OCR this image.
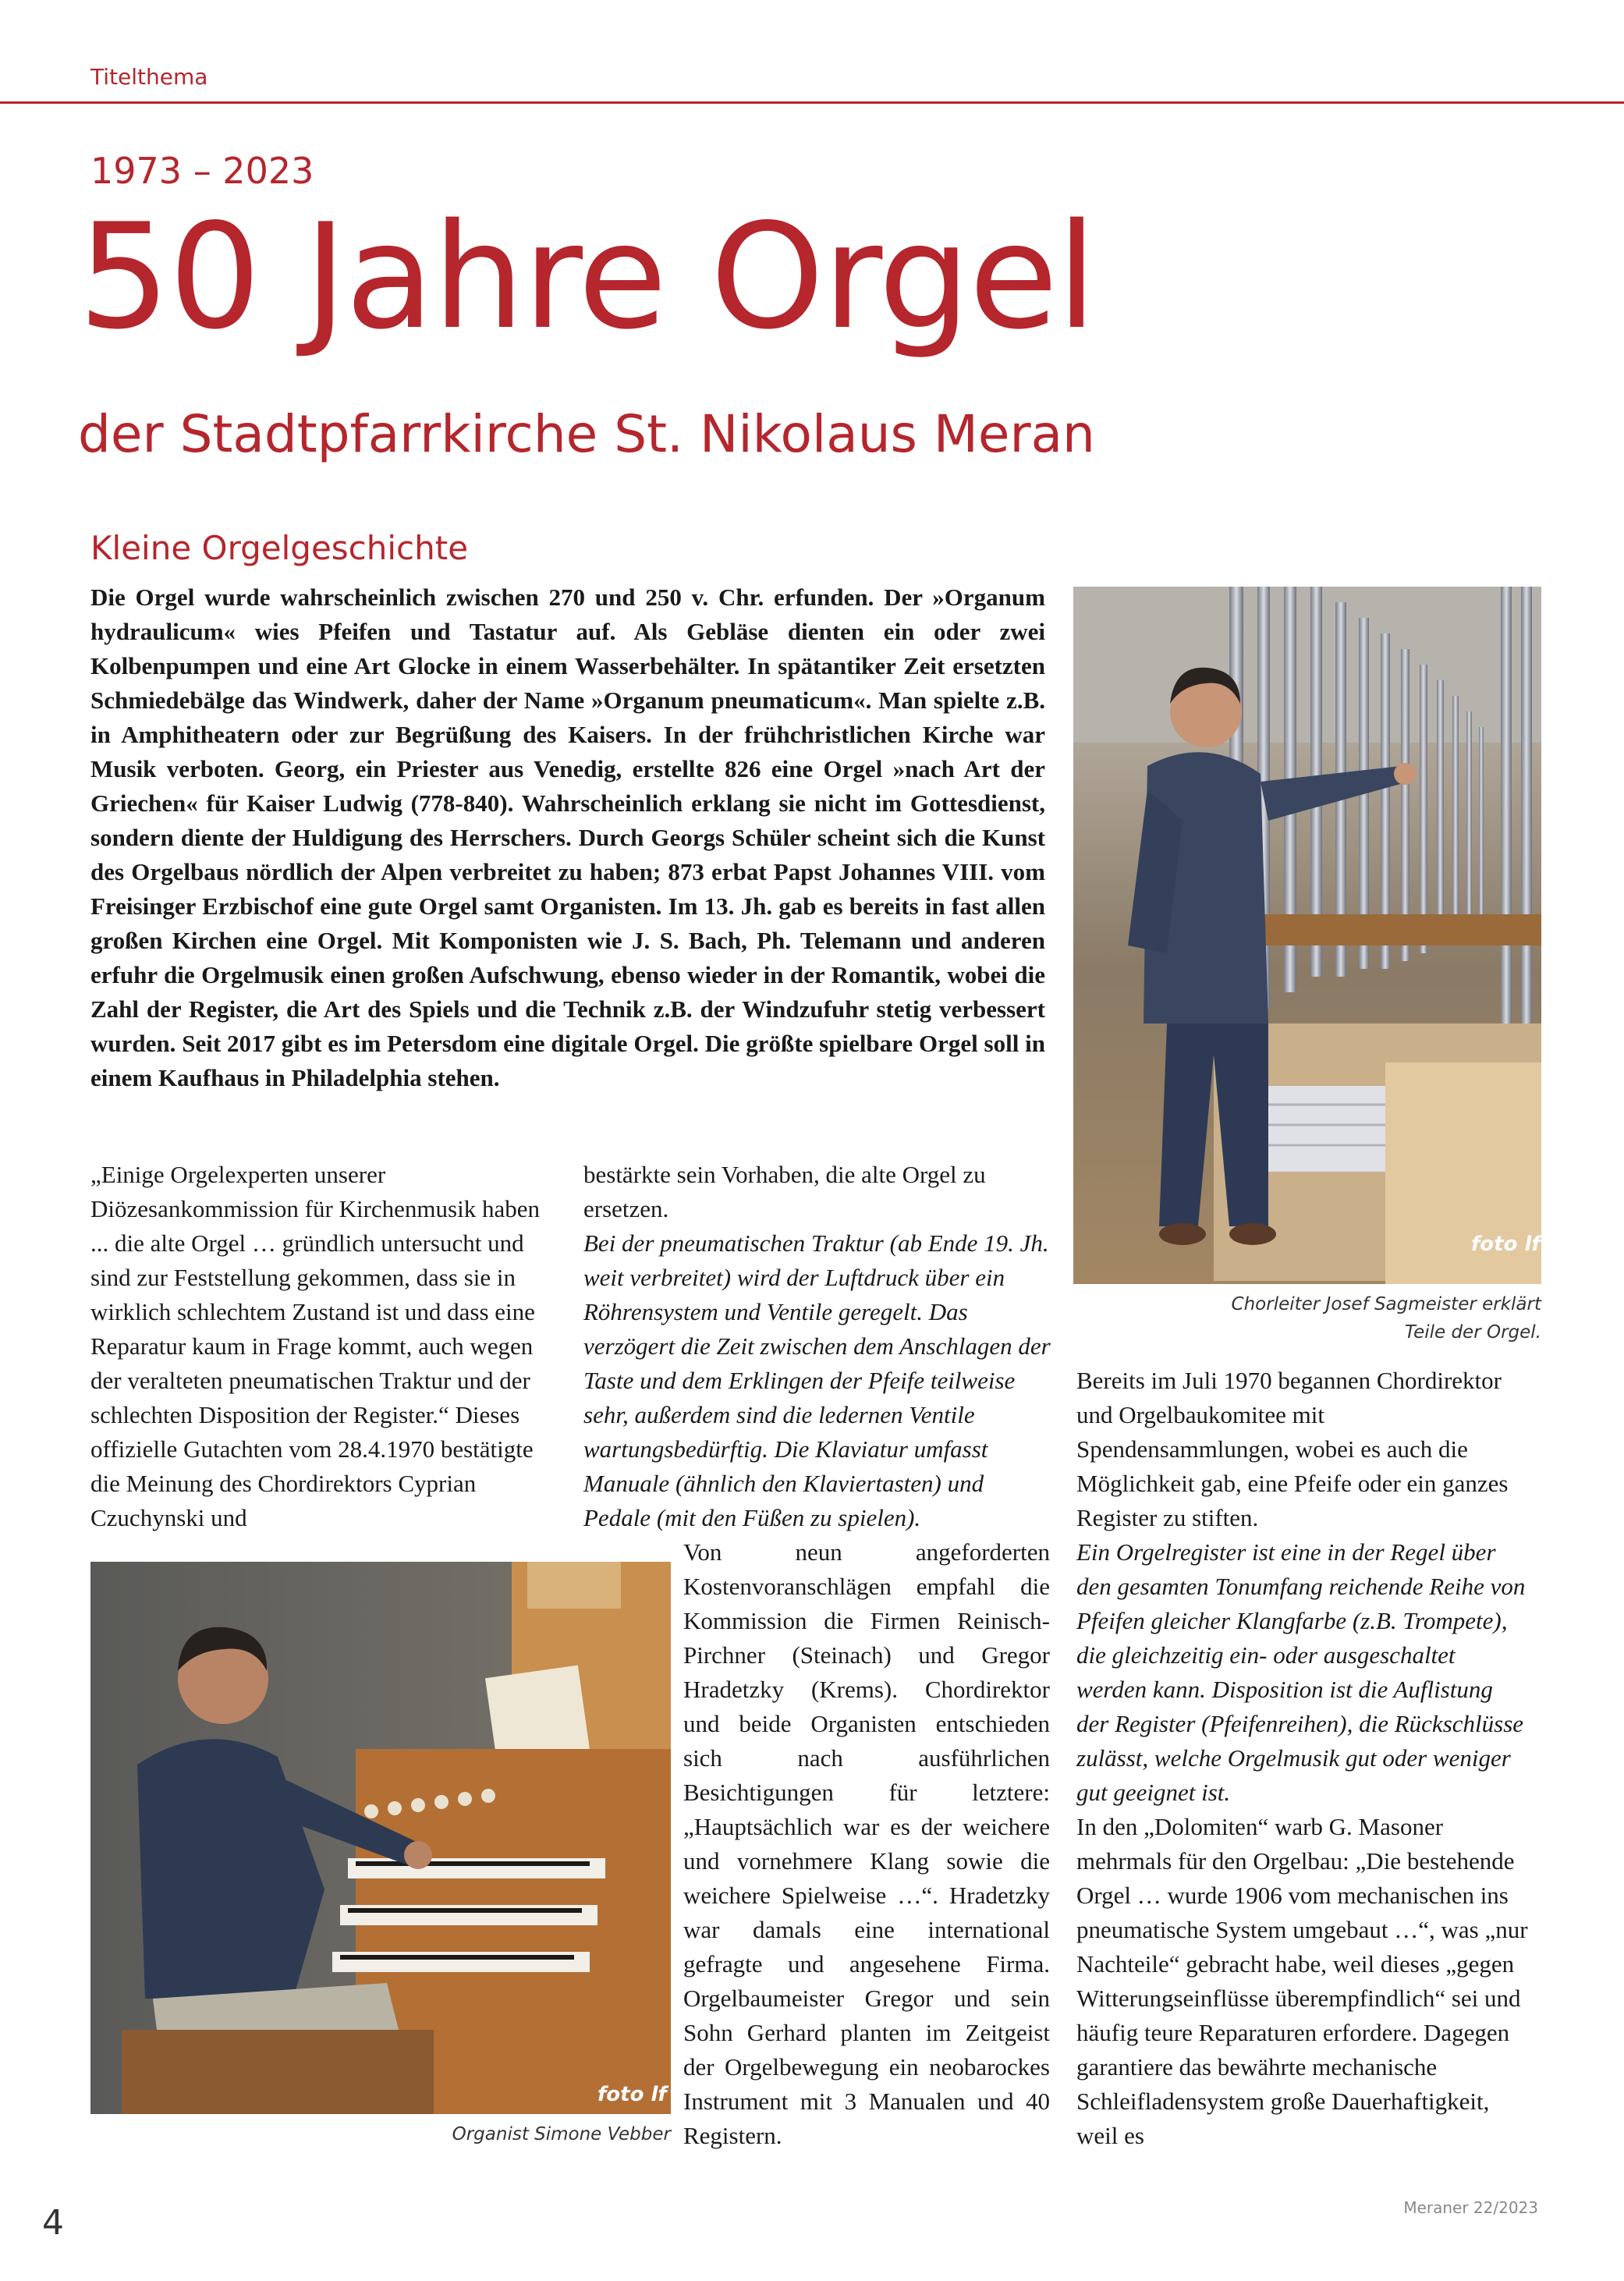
Titelthema
1973 – 2023
50 Jahre Orgel
der Stadtpfarrkirche St. Nikolaus Meran
Kleine Orgelgeschichte
Die Orgel wurde wahrscheinlich zwischen 270 und 250 v. Chr. erfunden. Der »Organum hydraulicum« wies Pfeifen und Tastatur auf. Als Gebläse dienten ein oder zwei Kolbenpumpen und eine Art Glocke in einem Wasserbehälter. In spätantiker Zeit ersetzten Schmiedebälge das Windwerk, daher der Name »Organum pneumaticum«. Man spielte z.B. in Amphitheatern oder zur Begrüßung des Kaisers. In der frühchristlichen Kirche war Musik verboten. Georg, ein Priester aus Venedig, erstellte 826 eine Orgel »nach Art der Griechen« für Kaiser Ludwig (778-840). Wahrscheinlich erklang sie nicht im Gottesdienst, sondern diente der Huldigung des Herrschers. Durch Georgs Schüler scheint sich die Kunst des Orgelbaus nördlich der Alpen verbreitet zu haben; 873 erbat Papst Johannes VIII. vom Freisinger Erzbischof eine gute Orgel samt Organisten. Im 13. Jh. gab es bereits in fast allen großen Kirchen eine Orgel. Mit Komponisten wie J. S. Bach, Ph. Telemann und anderen erfuhr die Orgelmusik einen großen Aufschwung, ebenso wieder in der Romantik, wobei die Zahl der Register, die Art des Spiels und die Technik z.B. der Windzufuhr stetig verbessert wurden. Seit 2017 gibt es im Petersdom eine digitale Orgel. Die größte spielbare Orgel soll in einem Kaufhaus in Philadelphia stehen.
foto lf
Chorleiter Josef Sagmeister erklärt
Teile der Orgel.
foto lf
Organist Simone Vebber

„Einige Orgelexperten unserer Diözesankommission für Kirchenmusik haben ... die alte Orgel … gründlich untersucht und sind zur Feststellung gekommen, dass sie in wirklich schlechtem Zustand ist und dass eine Reparatur kaum in Frage kommt, auch wegen der veralteten pneumatischen Traktur und der schlechten Disposition der Register.“ Dieses offizielle Gutachten vom 28.4.1970 bestätigte die Meinung des Chordirektors Cyprian Czuchynski und

bestärkte sein Vorhaben, die alte Orgel zu ersetzen.

Bei der pneumatischen Traktur (ab Ende 19. Jh. weit verbreitet) wird der Luftdruck über ein Röhrensystem und Ventile geregelt. Das verzögert die Zeit zwischen dem Anschlagen der Taste und dem Erklingen der Pfeife teilweise sehr, außerdem sind die ledernen Ventile wartungsbedürftig. Die Klaviatur umfasst Manuale (ähnlich den Klaviertasten) und Pedale (mit den Füßen zu spielen).

Von neun angeforderten Kostenvoranschlägen empfahl die Kommission die Firmen Reinisch-Pirchner (Steinach) und Gregor Hradetzky (Krems). Chordirektor und beide Organisten entschieden sich nach ausführlichen Besichtigungen für letztere: „Hauptsächlich war es der weichere und vornehmere Klang sowie die weichere Spielweise …“. Hradetzky war damals eine international gefragte und angesehene Firma. Orgelbaumeister Gregor und sein Sohn Gerhard planten im Zeitgeist der Orgelbewegung ein neobarockes Instrument mit 3 Manualen und 40 Registern.

Bereits im Juli 1970 begannen Chordirektor und Orgelbaukomitee mit Spendensammlungen, wobei es auch die Möglichkeit gab, eine Pfeife oder ein ganzes Register zu stiften.

Ein Orgelregister ist eine in der Regel über den gesamten Tonumfang reichende Reihe von Pfeifen gleicher Klangfarbe (z.B. Trompete), die gleichzeitig ein- oder ausgeschaltet werden kann. Disposition ist die Auflistung der Register (Pfeifenreihen), die Rückschlüsse zulässt, welche Orgelmusik gut oder weniger gut geeignet ist.

In den „Dolomiten“ warb G. Masoner mehrmals für den Orgelbau: „Die bestehende Orgel … wurde 1906 vom mechanischen ins pneumatische System umgebaut …“, was „nur Nachteile“ gebracht habe, weil dieses „gegen Witterungseinflüsse überempfindlich“ sei und häufig teure Reparaturen erfordere. Dagegen garantiere das bewährte mechanische Schleifladensystem große Dauerhaftigkeit, weil es

4	Meraner 22/2023
